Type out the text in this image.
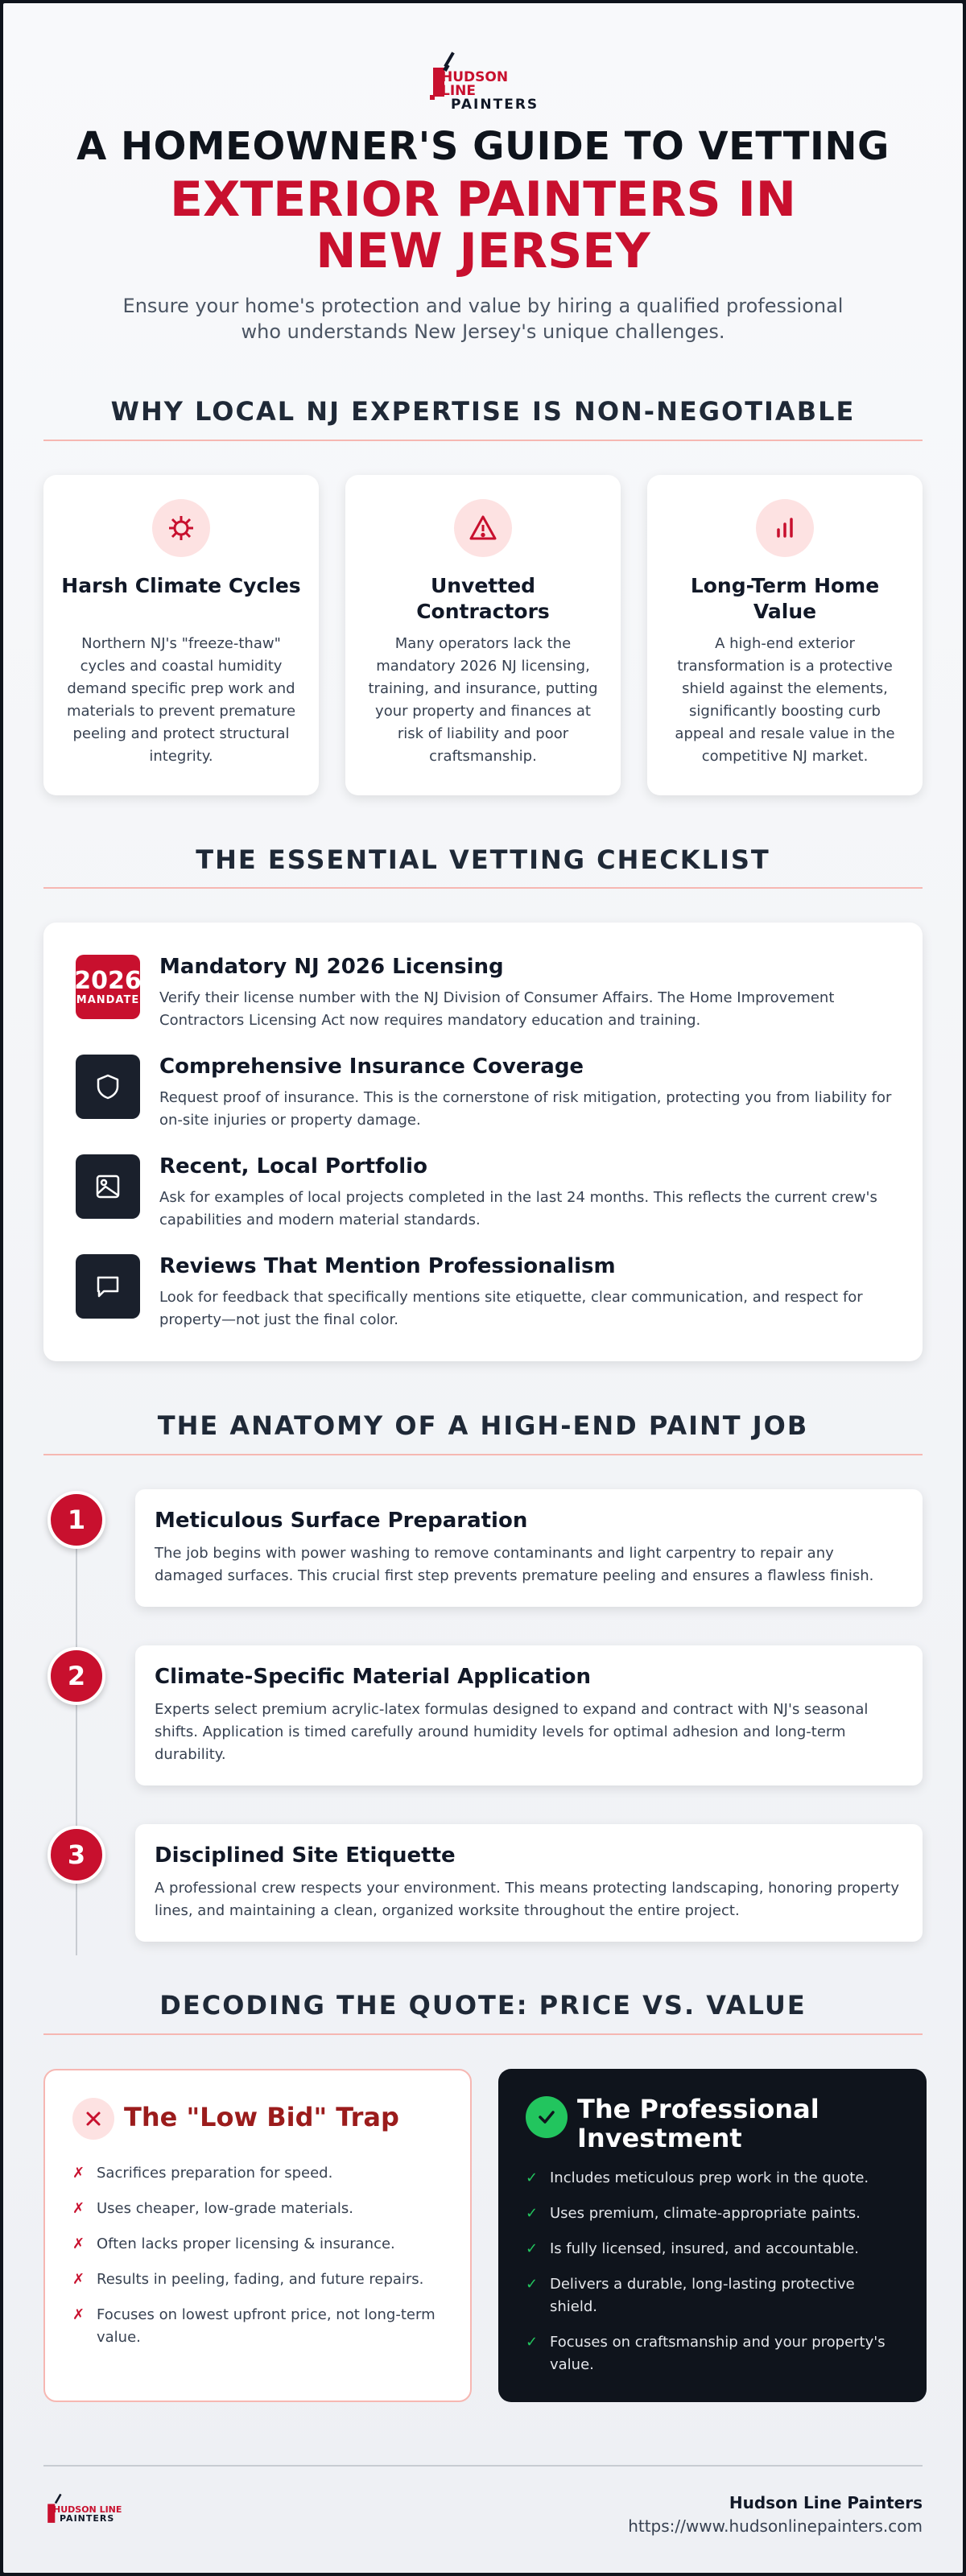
HUDSON LINE
PAINTERS
A HOMEOWNER'S GUIDE TO VETTING
EXTERIOR PAINTERS IN NEW JERSEY
Ensure your home's protection and value by hiring a qualified professional who understands New Jersey's unique challenges.
WHY LOCAL NJ EXPERTISE IS NON-NEGOTIABLE
Harsh Climate Cycles

Northern NJ's "freeze-thaw" cycles and coastal humidity demand specific prep work and materials to prevent premature peeling and protect structural integrity.

Unvetted Contractors

Many operators lack the mandatory 2026 NJ licensing, training, and insurance, putting your property and finances at risk of liability and poor craftsmanship.

Long-Term Home Value

A high-end exterior transformation is a protective shield against the elements, significantly boosting curb appeal and resale value in the competitive NJ market.

THE ESSENTIAL VETTING CHECKLIST
2026
MANDATE
Mandatory NJ 2026 Licensing

Verify their license number with the NJ Division of Consumer Affairs. The Home Improvement Contractors Licensing Act now requires mandatory education and training.

Comprehensive Insurance Coverage

Request proof of insurance. This is the cornerstone of risk mitigation, protecting you from liability for on-site injuries or property damage.

Recent, Local Portfolio

Ask for examples of local projects completed in the last 24 months. This reflects the current crew's capabilities and modern material standards.

Reviews That Mention Professionalism

Look for feedback that specifically mentions site etiquette, clear communication, and respect for property—not just the final color.

THE ANATOMY OF A HIGH-END PAINT JOB
1	Meticulous Surface Preparation

The job begins with power washing to remove contaminants and light carpentry to repair any damaged surfaces. This crucial first step prevents premature peeling and ensures a flawless finish.

2	Climate-Specific Material Application

Experts select premium acrylic-latex formulas designed to expand and contract with NJ's seasonal shifts. Application is timed carefully around humidity levels for optimal adhesion and long-term durability.

3	Disciplined Site Etiquette

A professional crew respects your environment. This means protecting landscaping, honoring property lines, and maintaining a clean, organized worksite throughout the entire project.

DECODING THE QUOTE: PRICE VS. VALUE
The "Low Bid" Trap
✗ Sacrifices preparation for speed.
✗ Uses cheaper, low-grade materials.
✗ Often lacks proper licensing & insurance.
✗ Results in peeling, fading, and future repairs.
✗ Focuses on lowest upfront price, not long-term value.
The Professional Investment
✓ Includes meticulous prep work in the quote.
✓ Uses premium, climate-appropriate paints.
✓ Is fully licensed, insured, and accountable.
✓ Delivers a durable, long-lasting protective shield.
✓ Focuses on craftsmanship and your property's value.
HUDSON LINE
PAINTERS
Hudson Line Painters
https://www.hudsonlinepainters.com
